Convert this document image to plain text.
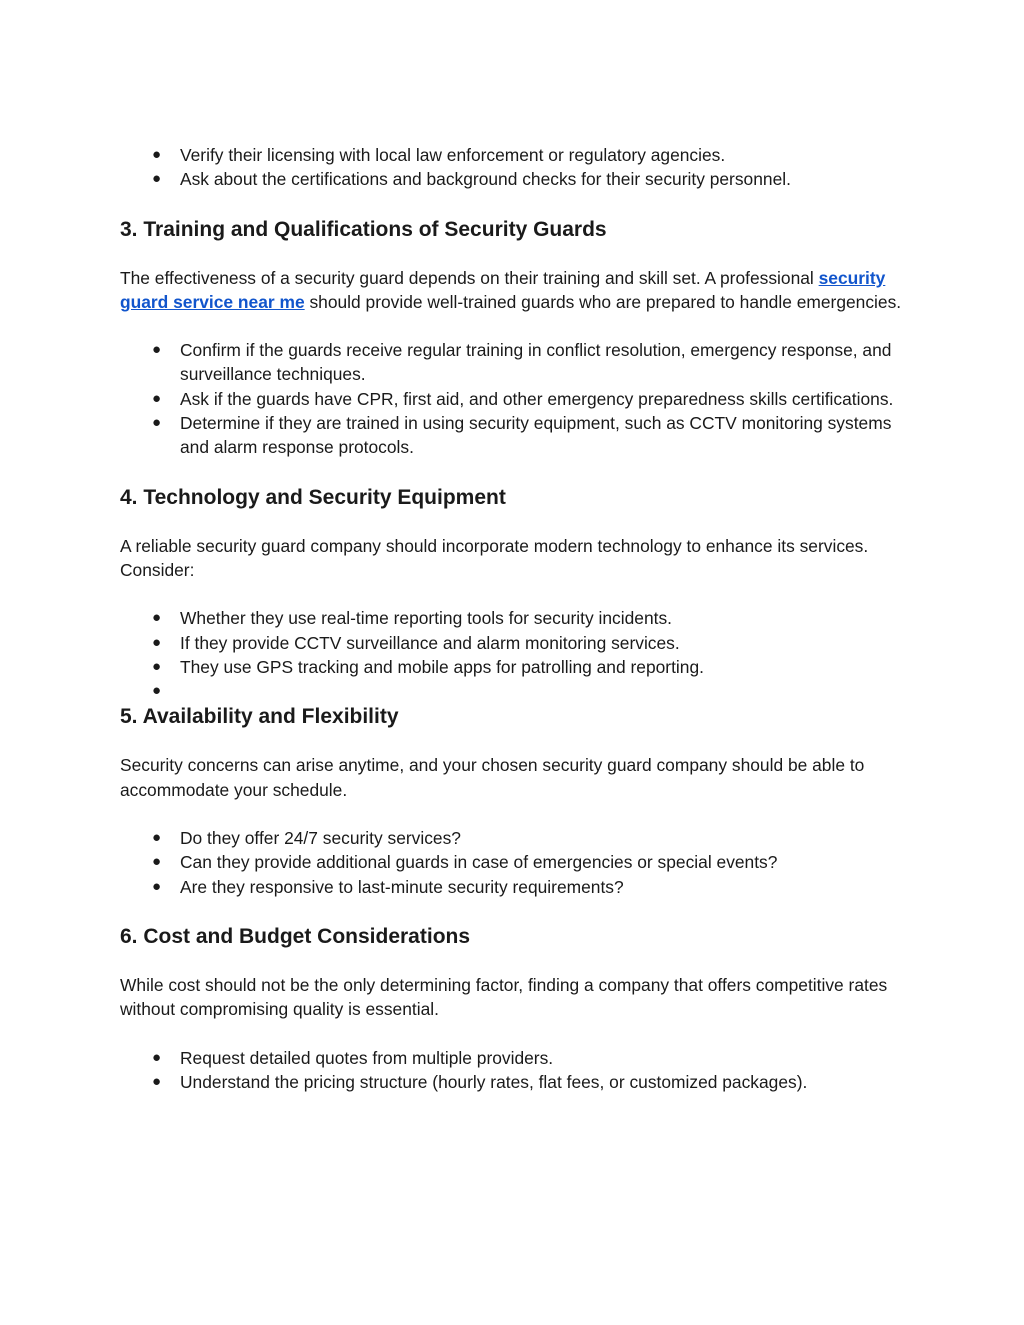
● Verify their licensing with local law enforcement or regulatory agencies.
● Ask about the certifications and background checks for their security personnel.
3. Training and Qualifications of Security Guards

The effectiveness of a security guard depends on their training and skill set. A professional security guard service near me should provide well-trained guards who are prepared to handle emergencies.

● Confirm if the guards receive regular training in conflict resolution, emergency response, and surveillance techniques.
● Ask if the guards have CPR, first aid, and other emergency preparedness skills certifications.
● Determine if they are trained in using security equipment, such as CCTV monitoring systems and alarm response protocols.
4. Technology and Security Equipment

A reliable security guard company should incorporate modern technology to enhance its services. Consider:

● Whether they use real-time reporting tools for security incidents.
● If they provide CCTV surveillance and alarm monitoring services.
● They use GPS tracking and mobile apps for patrolling and reporting.
●

5. Availability and Flexibility

Security concerns can arise anytime, and your chosen security guard company should be able to accommodate your schedule.

● Do they offer 24/7 security services?
● Can they provide additional guards in case of emergencies or special events?
● Are they responsive to last-minute security requirements?
6. Cost and Budget Considerations

While cost should not be the only determining factor, finding a company that offers competitive rates without compromising quality is essential.

● Request detailed quotes from multiple providers.
● Understand the pricing structure (hourly rates, flat fees, or customized packages).
